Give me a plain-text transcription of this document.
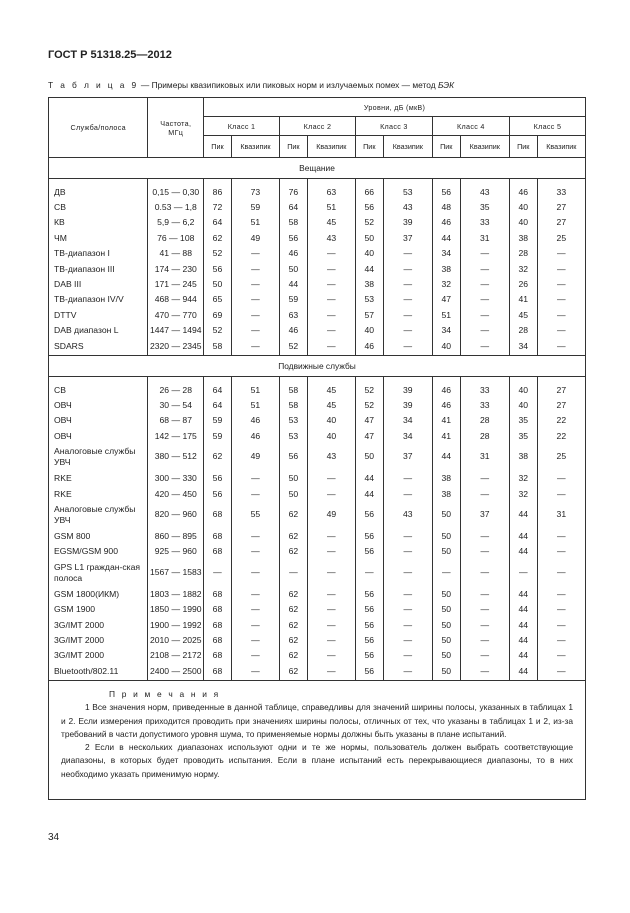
ГОСТ Р 51318.25—2012
Т а б л и ц а 9 — Примеры квазипиковых или пиковых норм и излучаемых помех — метод БЭК
Служба/полоса	Частота,
МГц	Уровни, дБ (мкВ)									
		Класс 1		Класс 2		Класс 3		Класс 4		Класс 5	
		Пик	Квазипик	Пик	Квазипик	Пик	Квазипик	Пик	Квазипик	Пик	Квазипик
Вещание											

ДВ	0,15 — 0,30	86	73	76	63	66	53	56	43	46	33
СВ	0.53 — 1,8	72	59	64	51	56	43	48	35	40	27
КВ	5,9 — 6,2	64	51	58	45	52	39	46	33	40	27
ЧМ	76 — 108	62	49	56	43	50	37	44	31	38	25
ТВ-диапазон I	41 — 88	52	—	46	—	40	—	34	—	28	—
ТВ-диапазон III	174 — 230	56	—	50	—	44	—	38	—	32	—
DAB III	171 — 245	50	—	44	—	38	—	32	—	26	—
ТВ-диапазон IV/V	468 — 944	65	—	59	—	53	—	47	—	41	—
DTTV	470 — 770	69	—	63	—	57	—	51	—	45	—
DAB диапазон L	1447 — 1494	52	—	46	—	40	—	34	—	28	—
SDARS	2320 — 2345	58	—	52	—	46	—	40	—	34	—
Подвижные службы											

СВ	26 — 28	64	51	58	45	52	39	46	33	40	27
ОВЧ	30 — 54	64	51	58	45	52	39	46	33	40	27
ОВЧ	68 — 87	59	46	53	40	47	34	41	28	35	22
ОВЧ	142 — 175	59	46	53	40	47	34	41	28	35	22
Аналоговые службы УВЧ	380 — 512	62	49	56	43	50	37	44	31	38	25
RKE	300 — 330	56	—	50	—	44	—	38	—	32	—
RKE	420 — 450	56	—	50	—	44	—	38	—	32	—
Аналоговые службы УВЧ	820 — 960	68	55	62	49	56	43	50	37	44	31
GSM 800	860 — 895	68	—	62	—	56	—	50	—	44	—
EGSM/GSM 900	925 — 960	68	—	62	—	56	—	50	—	44	—
GPS L1 граждан-ская полоса	1567 — 1583	—	—	—	—	—	—	—	—	—	—
GSM 1800(ИКМ)	1803 — 1882	68	—	62	—	56	—	50	—	44	—
GSM 1900	1850 — 1990	68	—	62	—	56	—	50	—	44	—
3G/IMT 2000	1900 — 1992	68	—	62	—	56	—	50	—	44	—
3G/IMT 2000	2010 — 2025	68	—	62	—	56	—	50	—	44	—
3G/IMT 2000	2108 — 2172	68	—	62	—	56	—	50	—	44	—
Bluetooth/802.11	2400 — 2500	68	—	62	—	56	—	50	—	44	—

П р и м е ч а н и я

1 Все значения норм, приведенные в данной таблице, справедливы для значений ширины полосы, указанных в таблицах 1 и 2. Если измерения приходится проводить при значениях ширины полосы, отличных от тех, что указаны в таблицах 1 и 2, из-за требований в части допустимого уровня шума, то применяемые нормы должны быть указаны в плане испытаний.

2 Если в нескольких диапазонах используют одни и те же нормы, пользователь должен выбрать соответствующие диапазоны, в которых будет проводить испытания. Если в плане испытаний есть перекрывающиеся диапазоны, то в них необходимо указать применимую норму.

34
